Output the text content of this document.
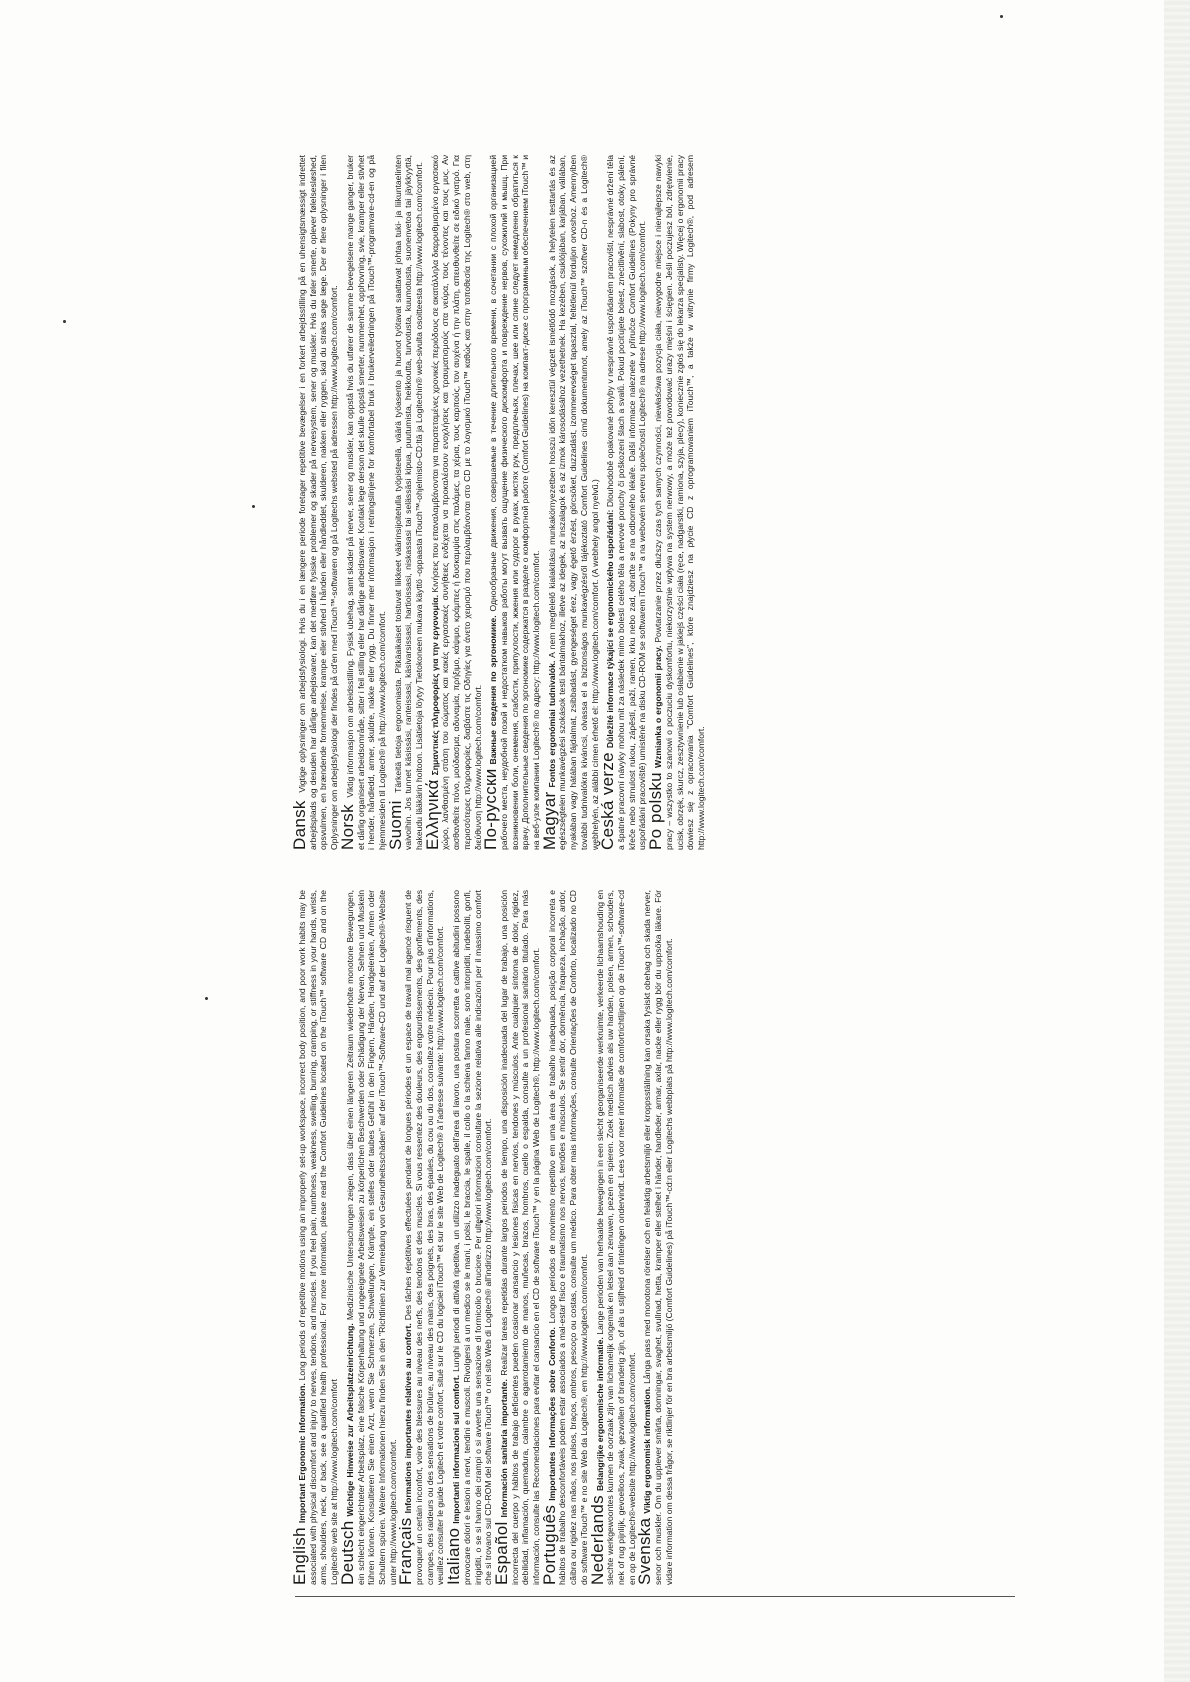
EnglishImportant Ergonomic Information. Long periods of repetitive motions using an improperly set-up workspace, incorrect body position, and poor work habits may be associated with physical discomfort and injury to nerves, tendons, and muscles. If you feel pain, numbness, weakness, swelling, burning, cramping, or stiffness in your hands, wrists, arms, shoulders, neck, or back, see a qualified health professional. For more information, please read the Comfort Guidelines located on the iTouch™ software CD and on the Logitech® web site at http://www.logitech.com/comfort

DeutschWichtige Hinweise zur Arbeitsplatzeinrichtung. Medizinische Untersuchungen zeigen, dass über einen längeren Zeitraum wiederholte monotone Bewegungen, ein schlecht eingerichteter Arbeitsplatz, eine falsche Körperhaltung und ungeeignete Arbeitsweisen zu körperlichen Beschwerden oder Schädigung der Nerven, Sehnen und Muskeln führen können. Konsultieren Sie einen Arzt, wenn Sie Schmerzen, Schwellungen, Krämpfe, ein steifes oder taubes Gefühl in den Fingern, Händen, Handgelenken, Armen oder Schultern spüren. Weitere Informationen hierzu finden Sie in den "Richtlinien zur Vermeidung von Gesundheitsschäden" auf der iTouch™-Software-CD und auf der Logitech®-Website unter http://www.logitech.com/comfort.

FrançaisInformations importantes relatives au confort. Des tâches répétitives effectuées pendant de longues périodes et un espace de travail mal agencé risquent de provoquer un certain inconfort, voire des blessures au niveau des nerfs, des tendons et des muscles. Si vous ressentez des douleurs, des engourdissements, des gonflements, des crampes, des raideurs ou des sensations de brûlure, au niveau des mains, des poignets, des bras, des épaules, du cou ou du dos, consultez votre médecin. Pour plus d'informations, veuillez consulter le guide Logitech et votre confort, situé sur le CD du logiciel iTouch™ et sur le site Web de Logitech® à l'adresse suivante: http://www.logitech.com/comfort.

ItalianoImportanti informazioni sul comfort. Lunghi periodi di attività ripetitiva, un utilizzo inadeguato dell'area di lavoro, una postura scorretta e cattive abitudini possono provocare dolori e lesioni a nervi, tendini e muscoli. Rivolgersi a un medico se le mani, i polsi, le braccia, le spalle, il collo o la schiena fanno male, sono intorpiditi, indeboliti, gonfi, irrigiditi, o se si hanno dei crampi o si avverte una sensazione di formicolio o bruciore. Per ulteriori informazioni consultare la sezione relativa alle indicazioni per il massimo comfort che si trovano sul CD-ROM del software iTouch™ o nel sito Web di Logitech® all'indirizzo http://www.logitech.com/comfort.

EspañolInformación sanitaria importante. Realizar tareas repetidas durante largos periodos de tiempo, una disposición inadecuada del lugar de trabajo, una posición incorrecta del cuerpo y hábitos de trabajo deficientes pueden ocasionar cansancio y lesiones físicas en nervios, tendones y músculos. Ante cualquier síntoma de dolor, rigidez, debilidad, inflamación, quemadura, calambre o agarrotamiento de manos, muñecas, brazos, hombros, cuello o espalda, consulte a un profesional sanitario titulado. Para más información, consulte las Recomendaciones para evitar el cansancio en el CD de software iTouch™ y en la página Web de Logitech®, http://www.logitech.com/comfort.

PortuguêsImportantes Informações sobre Conforto. Longos períodos de movimento repetitivo em uma área de trabalho inadequada, posição corporal incorreta e hábitos de trabalho desconfortáveis podem estar associados a mal-estar físico e traumatismo nos nervos, tendões e músculos. Se sentir dor, dormência, fraqueza, inchação, ardor, cãibra ou rigidez nas mãos, nos pulsos, braços, ombros, pescoço ou costas, consulte um médico. Para obter mais informações, consulte Orientações de Conforto, localizado no CD do software iTouch™ e no site Web da Logitech®, em http://www.logitech.com/comfort.

NederlandsBelangrijke ergonomische informatie. Lange perioden van herhaalde bewegingen in een slecht georganiseerde werkruimte, verkeerde lichaamshouding en slechte werkgewoontes kunnen de oorzaak zijn van lichamelijk ongemak en letsel aan zenuwen, pezen en spieren. Zoek medisch advies als uw handen, polsen, armen, schouders, nek of rug pijnlijk, gevoelloos, zwak, gezwollen of branderig zijn, of als u stijfheid of tintelingen ondervindt. Lees voor meer informatie de comfortrichtlijnen op de iTouch™-software-cd en op de Logitech®-website http://www.logitech.com/comfort.

SvenskaViktig ergonomisk information. Långa pass med monotona rörelser och en felaktig arbetsmiljö eller kroppsställning kan orsaka fysiskt obehag och skada nerver, senor och muskler. Om du upplever smärta, domningar, svaghet, svullnad, hetta, kramper eller stelhet i händer, handleder, armar, axlar, nacke eller rygg bör du uppsöka läkare. För vidare information om dessa frågor, se riktlinjer för en bra arbetsmiljö (Comfort Guidelines) på iTouch™-cd:n eller Logitechs webbplats på http://www.logitech.com/comfort.

Dansk Vigtige oplysninger om arbejdsfysiologi. Hvis du i en længere periode foretager repetitive bevægelser i en forkert arbejdsstilling på en uhensigtsmæssigt indrettet arbejdsplads og desuden har dårlige arbejdsvaner, kan det medføre fysiske problemer og skader på nervesystem, sener og muskler. Hvis du føler smerte, oplever følelsesløshed, opsvulmen, en brændende fornemmelse, krampe eller stivhed i hånden eller håndleddet, skulderen, nakken eller ryggen, skal du straks søge læge. Der er flere oplysninger i filen Oplysninger om arbejdsfysiologi der findes på cd'en med iTouch™-softwaren og på Logitechs websted på adressen http://www.logitech.com/comfort.

Norsk Viktig informasjon om arbeidsstilling. Fysisk ubehag, samt skader på nerver, sener og muskler, kan oppstå hvis du utfører de samme bevegelsene mange ganger, bruker et dårlig organisert arbeidsområde, sitter i feil stilling eller har dårlige arbeidsvaner. Kontakt lege dersom det skulle oppstå smerter, nummenhet, opphovning, svie, kramper eller stivhet i hender, håndledd, armer, skuldre, nakke eller rygg. Du finner mer informasjon i retningslinjene for komfortabel bruk i brukerveiledningen på iTouch™-programvare-cd-en og på hjemmesiden til Logitech® på http://www.logitech.com/comfort.

Suomi Tärkeitä tietoja ergonomiasta. Pitkäaikaiset toistuvat liikkeet väärinsijoitetulla työpisteellä, väärä työasento ja huonot työtavat saattavat johtaa tuki- ja liikuntaelinten vaivoihin. Jos tunnet käsissäsi, ranteissasi, käsivarsissasi, hartioissasi, niskassasi tai selässäsi kipua, puutumista, heikkoutta, turvotusta, kuumotusta, suonenvetoa tai jäykkyyttä, hakeudu lääkärin hoitoon. Lisätietoja löytyy Tietokoneen mukava käyttö -oppaasta iTouch™-ohjelmisto-CD:ltä ja Logitechin® web-sivulta osoitteesta http://www.logitech.com/comfort.

ΕλληνικάΣημαντικές πληροφορίες για την εργονομία. Κινήσεις που επαναλαμβάνονται για παρατεταμένες χρονικές περιόδους σε ακατάλληλα διαρρυθμισμένο εργασιακό χώρο, λανθασμένη στάση του σώματος και κακές εργασιακές συνήθειες ενδέχεται να προκαλέσουν ενοχλήσεις και τραυματισμούς στα νεύρα, τους τένοντες και τους μυς. Αν αισθανθείτε πόνο, μούδιασμα, αδυναμία, πρήξιμο, κάψιμο, κράμπες ή δυσκαμψία στις παλάμες, τα χέρια, τους καρπούς, τον αυχένα ή την πλάτη, απευθυνθείτε σε ειδικό γιατρό. Για περισσότερες πληροφορίες, διαβάστε τις Οδηγίες για άνετο χειρισμό που περιλαμβάνονται στο CD με το λογισμικό iTouch™ καθώς και στην τοποθεσία της Logitech® στο web, στη διεύθυνση http://www.logitech.com/comfort.

По-русскиВажные сведения по эргономике. Однообразные движения, совершаемые в течение длительного времени, в сочетании с плохой организацией рабочего места, неудобной позой и недостатком навыков работы могут вызвать ощущение физического дискомфорта и повреждение нервов, сухожилий и мышц. При возникновении боли, онемения, слабости, припухлости, жжения или судорог в руках, кистях рук, предплечьях, плечах, шее или спине следует немедленно обратиться к врачу. Дополнительные сведения по эргономике содержатся в разделе о комфортной работе (Comfort Guidelines) на компакт-диске с программным обеспечением iTouch™ и на веб-узле компании Logitech® по адресу: http://www.logitech.com/comfort.

MagyarFontos ergonómiai tudnivalók. A nem megfelelő kialakítású munkakörnyezetben hosszú időn keresztül végzett ismétlődő mozgások, a helytelen testtartás és az egészségtelen munkavégzési szokások testi bántalmakhoz, illetve az idegek, az inszalagok és az izmok károsodásához vezethetnek. Ha kezében, csuklójában, karjában, vállában, nyakában vagy hátában fájdalmat, zsibbadást, gyengeséget érez, vagy égető érzést, görcsöket, duzzadást, izommerevséget tapasztal, feltétlenül forduljon orvoshoz. Amennyiben további tudnivalókra kíváncsi, olvassa el a biztonságos munkavégzésről tájékoztató Comfort Guidelines című dokumentumot, amely az iTouch™ szoftver CD-n és a Logitech® webhelyén, az alábbi címen érhető el: http://www.logitech.com/comfort. (A webhely angol nyelvű.)

Česká verzeDůležité informace týkající se ergonomického uspořádání: Dlouhodobě opakované pohyby v nesprávně uspořádaném pracovišti, nesprávné držení těla a špatné pracovní návyky mohou mít za následek mimo bolesti celého těla a nervové poruchy či poškození šlach a svalů. Pokud pociťujete bolest, znecitlivění, slabost, otoky, pálení, křeče nebo strnulost rukou, zápěstí, paží, ramen, krku nebo zad, obraťte se na odborného lékaře. Další informace naleznete v příručce Comfort Guidelines (Pokyny pro správné uspořádání pracoviště) umístěné na disku CD-ROM se softwarem iTouch™ a na webovém serveru společnosti Logitech® na adrese http://www.logitech.com/comfort.

Po polskuWzmianka o ergonomii pracy. Powtarzanie przez dłuższy czas tych samych czynności, niewłaściwa pozycja ciała, niewygodne miejsce i nienajlepsze nawyki pracy – wszystko to szanowi o poczuciu dyskomfortu, niekorzystnie wpływa na system nerwowy, a może też powodować urazy mięśni i ścięgien. Jeśli poczujesz ból, zdrętwienie, ucisk, obrzęk, skurcz, zesztywnienie lub osłabienie w jakiejś części ciała (ręce, nadgarstki, ramiona, szyja, plecy), koniecznie zgłoś się do lekarza specjalisty. Więcej o ergonomii pracy dowiesz się z opracowania "Comfort Guidelines", które znajdziesz na płycie CD z oprogramowaniem iTouch™, a także w witrynie firmy Logitech®, pod adresem http://www.logitech.com/comfort.
